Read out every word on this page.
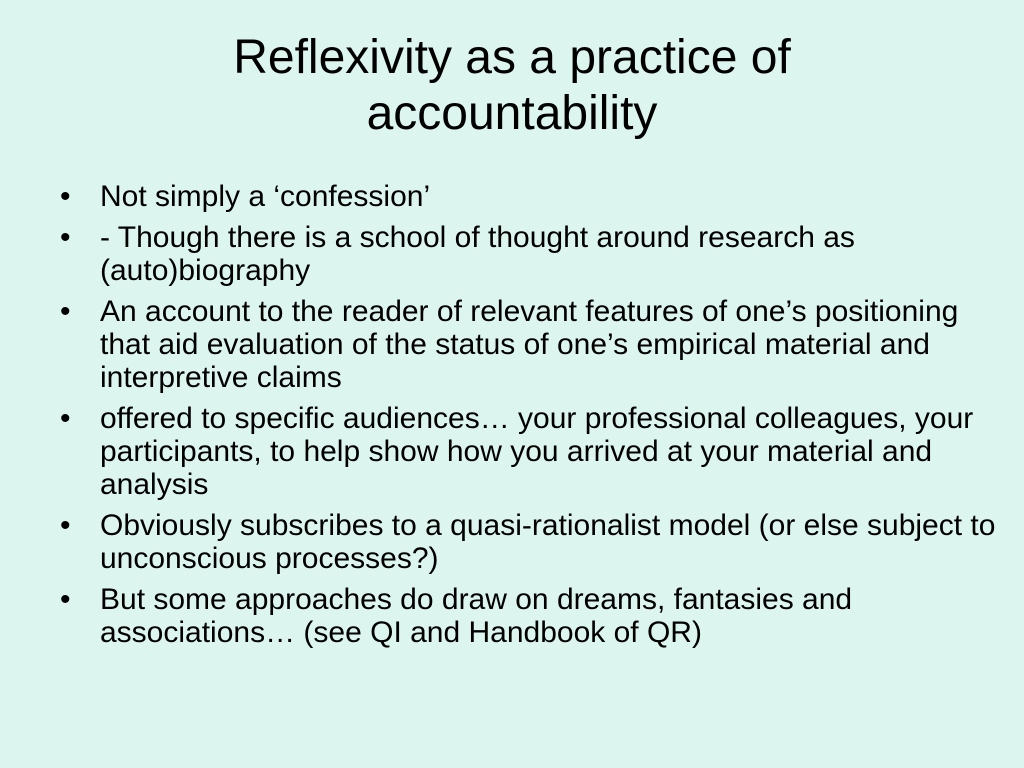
Reflexivity as a practice of
accountability
• Not simply a ‘confession’
• - Though there is a school of thought around research as (auto)biography
• An account to the reader of relevant features of one’s positioning that aid evaluation of the status of one’s empirical material and interpretive claims
• offered to specific audiences… your professional colleagues, your participants, to help show how you arrived at your material and analysis
• Obviously subscribes to a quasi-rationalist model (or else subject to unconscious processes?)
• But some approaches do draw on dreams, fantasies and associations… (see QI and Handbook of QR)
